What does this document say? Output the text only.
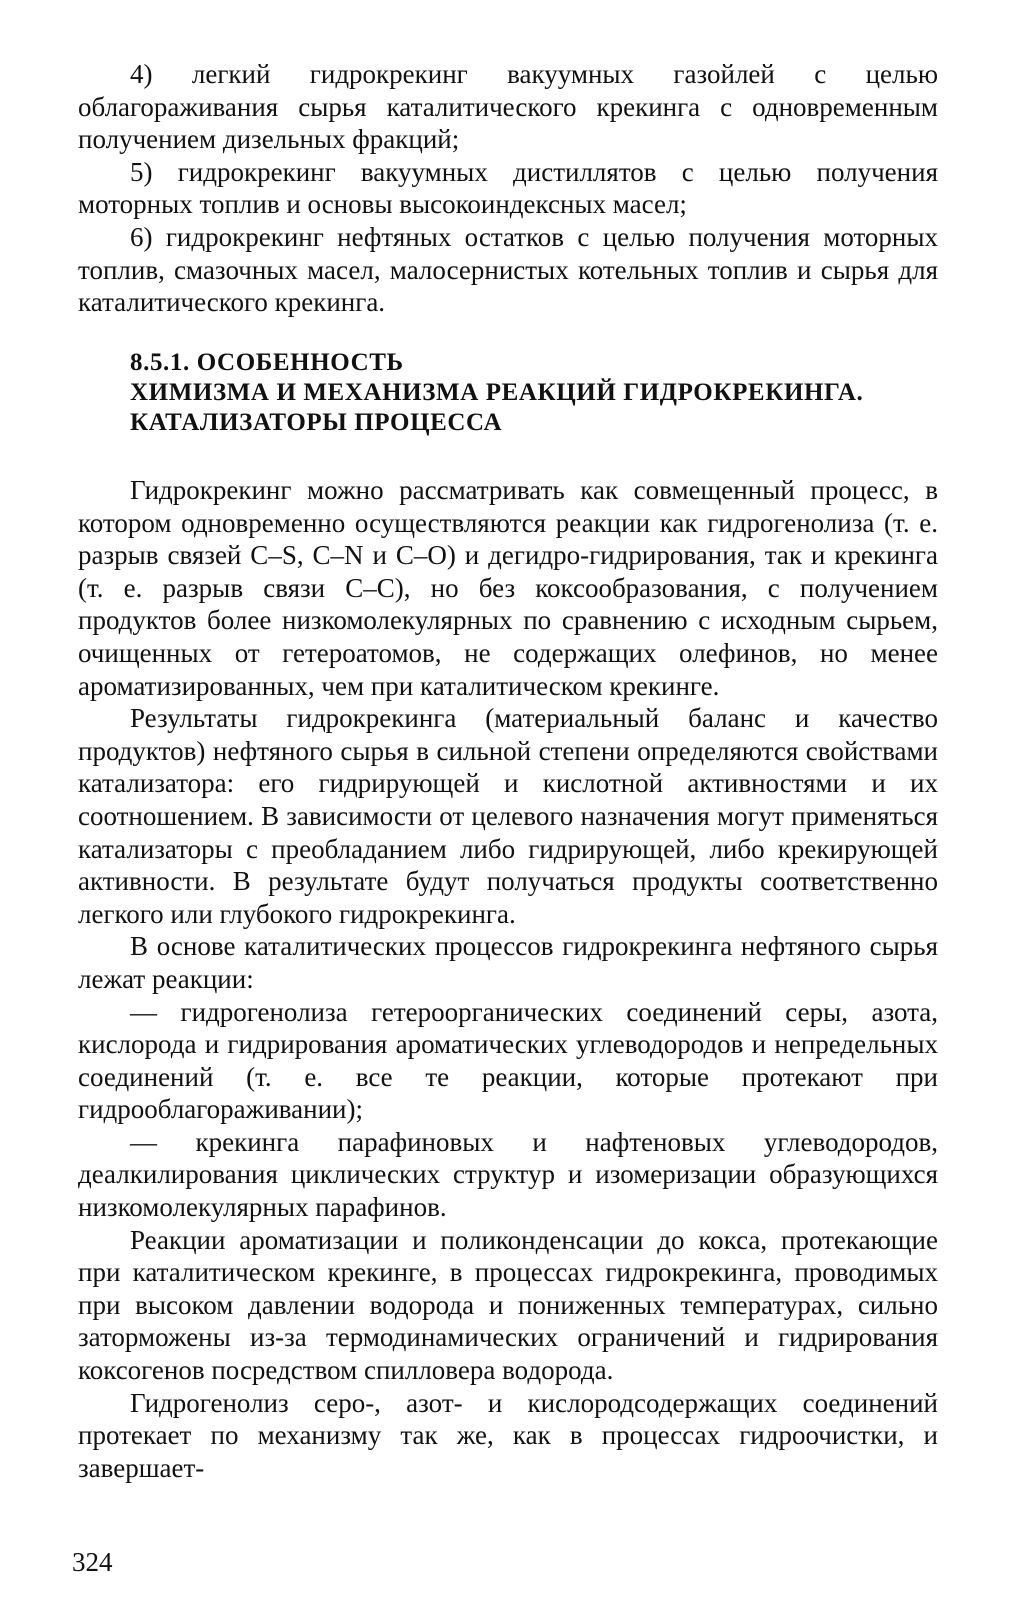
4) легкий гидрокрекинг вакуумных газойлей с целью облагораживания сырья каталитического крекинга с одновременным получением дизельных фракций;

5) гидрокрекинг вакуумных дистиллятов с целью получения моторных топлив и основы высокоиндексных масел;

6) гидрокрекинг нефтяных остатков с целью получения моторных топлив, смазочных масел, малосернистых котельных топлив и сырья для каталитического крекинга.

8.5.1. ОСОБЕННОСТЬ
ХИМИЗМА И МЕХАНИЗМА РЕАКЦИЙ ГИДРОКРЕКИНГА.
КАТАЛИЗАТОРЫ ПРОЦЕССА

Гидрокрекинг можно рассматривать как совмещенный процесс, в котором одновременно осуществляются реакции как гидрогенолиза (т. е. разрыв связей C–S, C–N и C–O) и дегидро-гидрирования, так и крекинга (т. е. разрыв связи C–C), но без коксообразования, с получением продуктов более низкомолекулярных по сравнению с исходным сырьем, очищенных от гетероатомов, не содержащих олефинов, но менее ароматизированных, чем при каталитическом крекинге.

Результаты гидрокрекинга (материальный баланс и качество продуктов) нефтяного сырья в сильной степени определяются свойствами катализатора: его гидрирующей и кислотной активностями и их соотношением. В зависимости от целевого назначения могут применяться катализаторы с преобладанием либо гидрирующей, либо крекирующей активности. В результате будут получаться продукты соответственно легкого или глубокого гидрокрекинга.

В основе каталитических процессов гидрокрекинга нефтяного сырья лежат реакции:

— гидрогенолиза гетероорганических соединений серы, азота, кислорода и гидрирования ароматических углеводородов и непредельных соединений (т. е. все те реакции, которые протекают при гидрооблагораживании);

— крекинга парафиновых и нафтеновых углеводородов, деалкилирования циклических структур и изомеризации образующихся низкомолекулярных парафинов.

Реакции ароматизации и поликонденсации до кокса, протекающие при каталитическом крекинге, в процессах гидрокрекинга, проводимых при высоком давлении водорода и пониженных температурах, сильно заторможены из-за термодинамических ограничений и гидрирования коксогенов посредством спилловера водорода.

Гидрогенолиз серо-, азот- и кислородсодержащих соединений протекает по механизму так же, как в процессах гидроочистки, и завершает-

324
